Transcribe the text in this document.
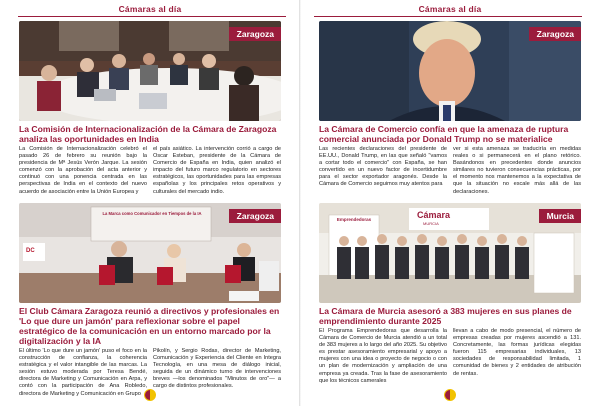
Cámaras al día	Cámaras al día
Zaragoza
La Comisión de Internacionalización de la Cámara de Zaragoza analiza las oportunidades en India
La Comisión de Internacionalización celebró el pasado 26 de febrero su reunión bajo la presidencia de Mª Jesús Verón Jarque. La sesión comenzó con la aprobación del acta anterior y continuó con una ponencia centrada en las perspectivas de India en el contexto del nuevo acuerdo de asociación entre la Unión Europea y
el país asiático. La intervención corrió a cargo de Oscar Esteban, presidente de la Cámara de Comercio de España en India, quien analizó el impacto del futuro marco regulatorio en sectores estratégicos, las oportunidades para las empresas españolas y los principales retos operativos y culturales del mercado indio.
La Marca como Comunicador en Tiempos de la IA
DC
Zaragoza
El Club Cámara Zaragoza reunió a directivos y profesionales en 'Lo que dure un jamón' para reflexionar sobre el papel estratégico de la comunicación en un entorno marcado por la digitalización y la IA
El último 'Lo que dure un jamón' puso el foco en la construcción de confianza, la coherencia estratégica y el valor intangible de las marcas. La sesión estuvo moderada por Teresa Bendé, directora de Marketing y Comunicación en Arpa, y contó con la participación de Ana Robledo, directora de Marketing y Comunicación en Grupo
Pikolín, y Sergio Rodas, director de Marketing, Comunicación y Experiencia del Cliente en Integra Tecnología, en una mesa de diálogo inicial, seguida de un dinámico turno de intervenciones breves —los denominados "Minutos de oro"— a cargo de distintos profesionales.
Zaragoza
La Cámara de Comercio confía en que la amenaza de ruptura comercial anunciada por Donald Trump no se materialice
Las recientes declaraciones del presidente de EE.UU., Donald Trump, en las que señaló "vamos a cortar todo el comercio" con España, se han convertido en un nuevo factor de incertidumbre para el sector exportador aragonés. Desde la Cámara de Comercio seguimos muy atentos para
ver si esta amenaza se traduciría en medidas reales o si permanecerá en el plano retórico. Basándonos en precedentes donde anuncios similares no tuvieron consecuencias prácticas, por el momento nos mantenemos a la expectativa de que la situación no escale más allá de las declaraciones.
Emprendedoras	Cámara
MURCIA
Murcia
La Cámara de Murcia asesoró a 383 mujeres en sus planes de emprendimiento durante 2025
El Programa Emprendedoras que desarrolla la Cámara de Comercio de Murcia atendió a un total de 383 mujeres a lo largo del año 2025. Su objetivo es prestar asesoramiento empresarial y apoyo a mujeres con una idea o proyecto de negocio o con un plan de modernización y ampliación de una empresa ya creada. Tras la fase de asesoramiento que los técnicos camerales
llevan a cabo de modo presencial, el número de empresas creadas por mujeres ascendió a 131. Concretamente, las formas jurídicas elegidas fueron 115 empresarias individuales, 13 sociedades de responsabilidad limitada, 1 comunidad de bienes y 2 entidades de atribución de rentas.
